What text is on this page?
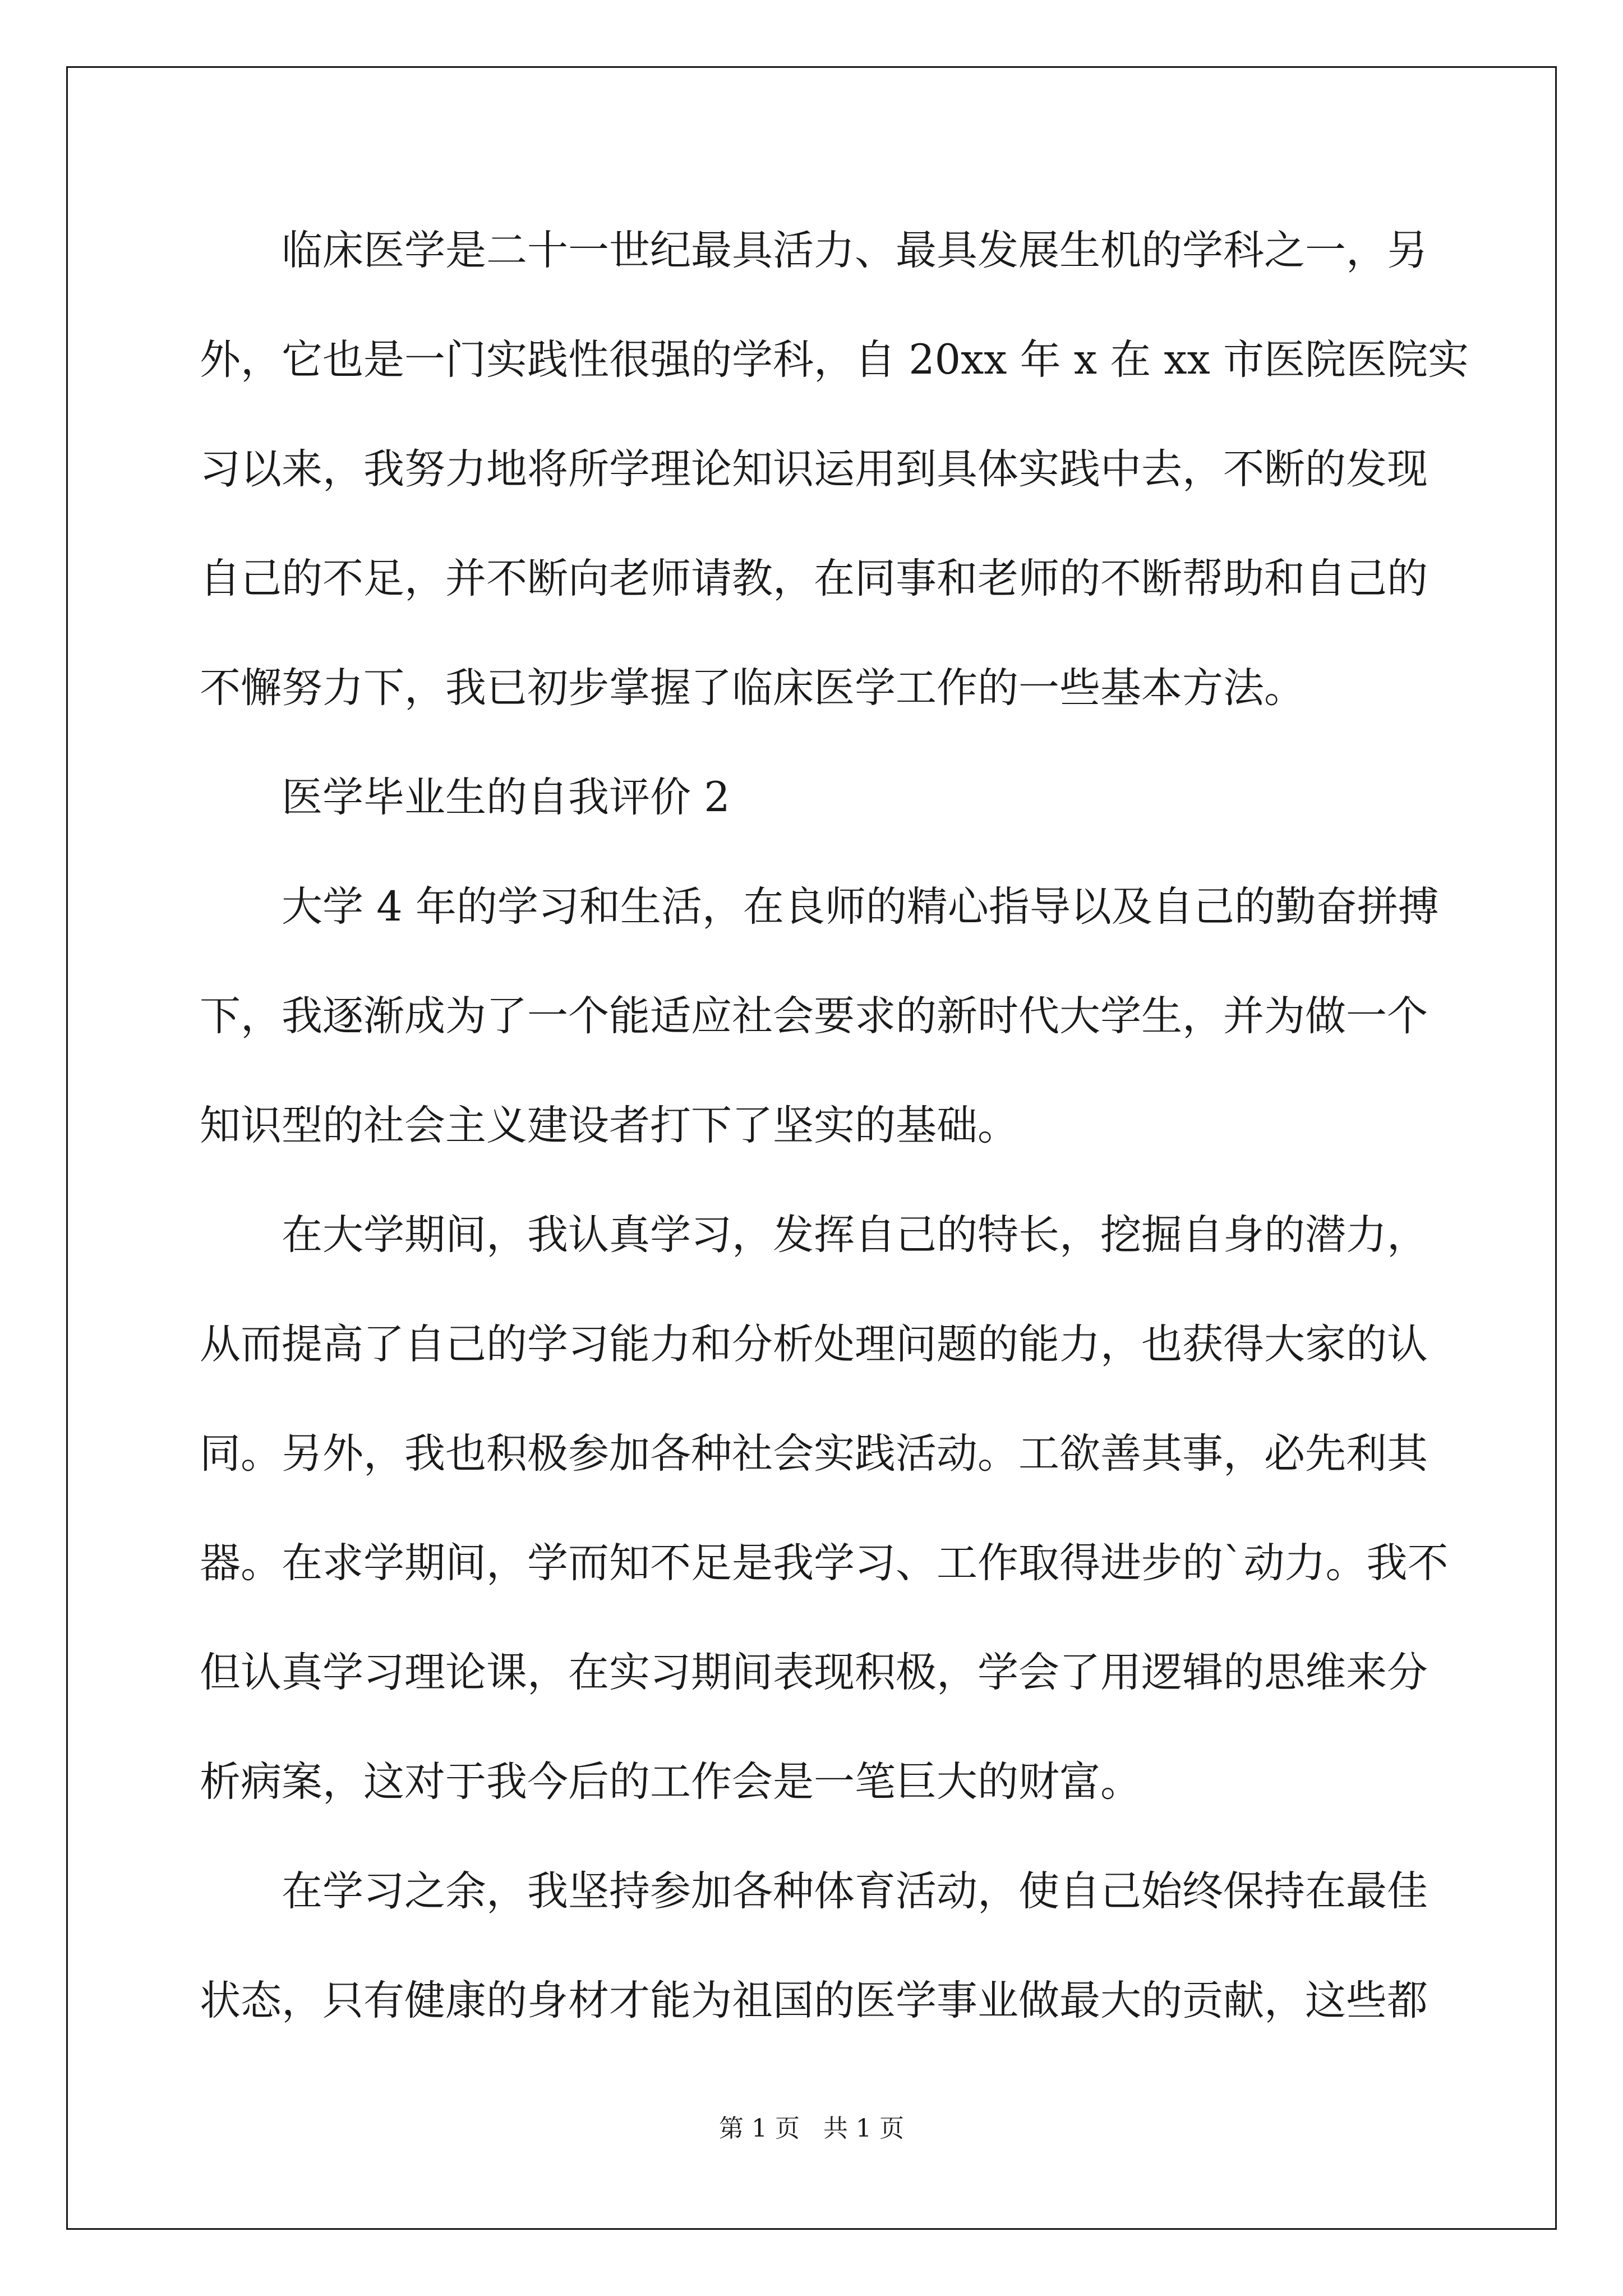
临床医学是二十一世纪最具活力、最具发展生机的学科之一，另
外，它也是一门实践性很强的学科，自 20xx 年 x 在 xx 市医院医院实
习以来，我努力地将所学理论知识运用到具体实践中去，不断的发现
自己的不足，并不断向老师请教，在同事和老师的不断帮助和自己的
不懈努力下，我已初步掌握了临床医学工作的一些基本方法。
医学毕业生的自我评价 2
大学 4 年的学习和生活，在良师的精心指导以及自己的勤奋拼搏
下，我逐渐成为了一个能适应社会要求的新时代大学生，并为做一个
知识型的社会主义建设者打下了坚实的基础。
在大学期间，我认真学习，发挥自己的特长，挖掘自身的潜力，
从而提高了自己的学习能力和分析处理问题的能力，也获得大家的认
同。另外，我也积极参加各种社会实践活动。工欲善其事，必先利其
器。在求学期间，学而知不足是我学习、工作取得进步的`动力。我不
但认真学习理论课，在实习期间表现积极，学会了用逻辑的思维来分
析病案，这对于我今后的工作会是一笔巨大的财富。
在学习之余，我坚持参加各种体育活动，使自己始终保持在最佳
状态，只有健康的身材才能为祖国的医学事业做最大的贡献，这些都
第 1 页   共 1 页
